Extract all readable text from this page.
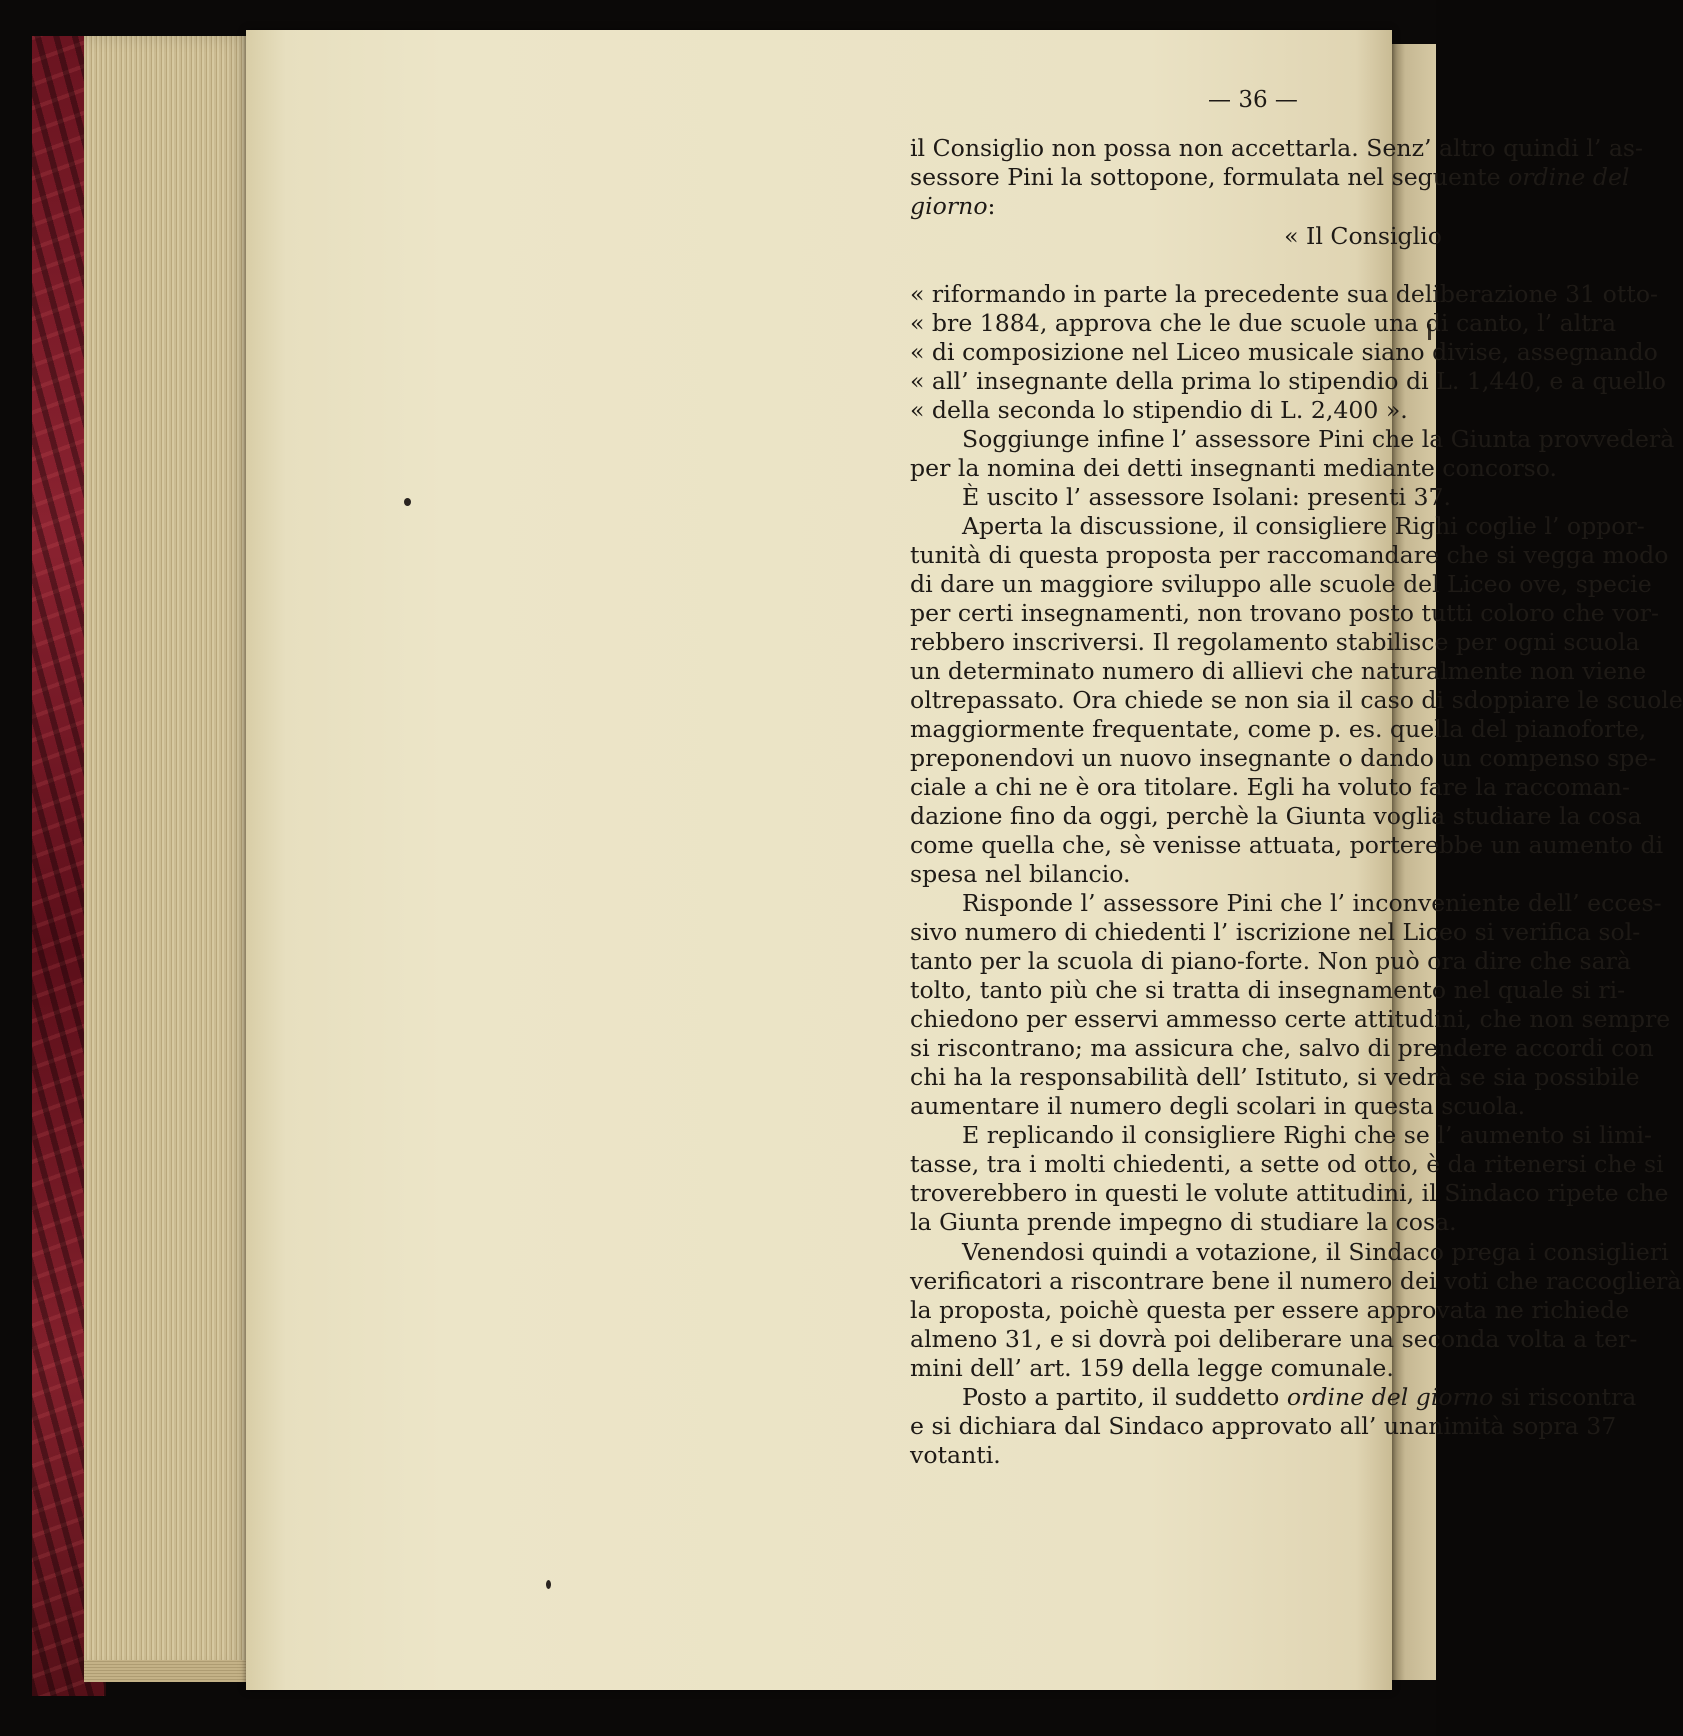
— 36 —
il Consiglio non possa non accettarla. Senz’ altro quindi l’ as-
sessore Pini la sottopone, formulata nel seguente ordine del
giorno:
« Il Consiglio
« riformando in parte la precedente sua deliberazione 31 otto-
« bre 1884, approva che le due scuole una di canto, l’ altra
« di composizione nel Liceo musicale siano divise, assegnando
« all’ insegnante della prima lo stipendio di L. 1,440, e a quello
« della seconda lo stipendio di L. 2,400 ».
Soggiunge infine l’ assessore Pini che la Giunta provvederà
per la nomina dei detti insegnanti mediante concorso.
È uscito l’ assessore Isolani: presenti 37.
Aperta la discussione, il consigliere Righi coglie l’ oppor-
tunità di questa proposta per raccomandare che si vegga modo
di dare un maggiore sviluppo alle scuole del Liceo ove, specie
per certi insegnamenti, non trovano posto tutti coloro che vor-
rebbero inscriversi. Il regolamento stabilisce per ogni scuola
un determinato numero di allievi che naturalmente non viene
oltrepassato. Ora chiede se non sia il caso di sdoppiare le scuole
maggiormente frequentate, come p. es. quella del pianoforte,
preponendovi un nuovo insegnante o dando un compenso spe-
ciale a chi ne è ora titolare. Egli ha voluto fare la raccoman-
dazione fino da oggi, perchè la Giunta voglia studiare la cosa
come quella che, sè venisse attuata, porterebbe un aumento di
spesa nel bilancio.
Risponde l’ assessore Pini che l’ inconveniente dell’ ecces-
sivo numero di chiedenti l’ iscrizione nel Liceo si verifica sol-
tanto per la scuola di piano-forte. Non può ora dire che sarà
tolto, tanto più che si tratta di insegnamento nel quale si ri-
chiedono per esservi ammesso certe attitudini, che non sempre
si riscontrano; ma assicura che, salvo di prendere accordi con
chi ha la responsabilità dell’ Istituto, si vedrà se sia possibile
aumentare il numero degli scolari in questa scuola.
E replicando il consigliere Righi che se l’ aumento si limi-
tasse, tra i molti chiedenti, a sette od otto, è da ritenersi che si
troverebbero in questi le volute attitudini, il Sindaco ripete che
la Giunta prende impegno di studiare la cosa.
Venendosi quindi a votazione, il Sindaco prega i consiglieri
verificatori a riscontrare bene il numero dei voti che raccoglierà
la proposta, poichè questa per essere approvata ne richiede
almeno 31, e si dovrà poi deliberare una seconda volta a ter-
mini dell’ art. 159 della legge comunale.
Posto a partito, il suddetto ordine del giorno si riscontra
e si dichiara dal Sindaco approvato all’ unanimità sopra 37
votanti.
